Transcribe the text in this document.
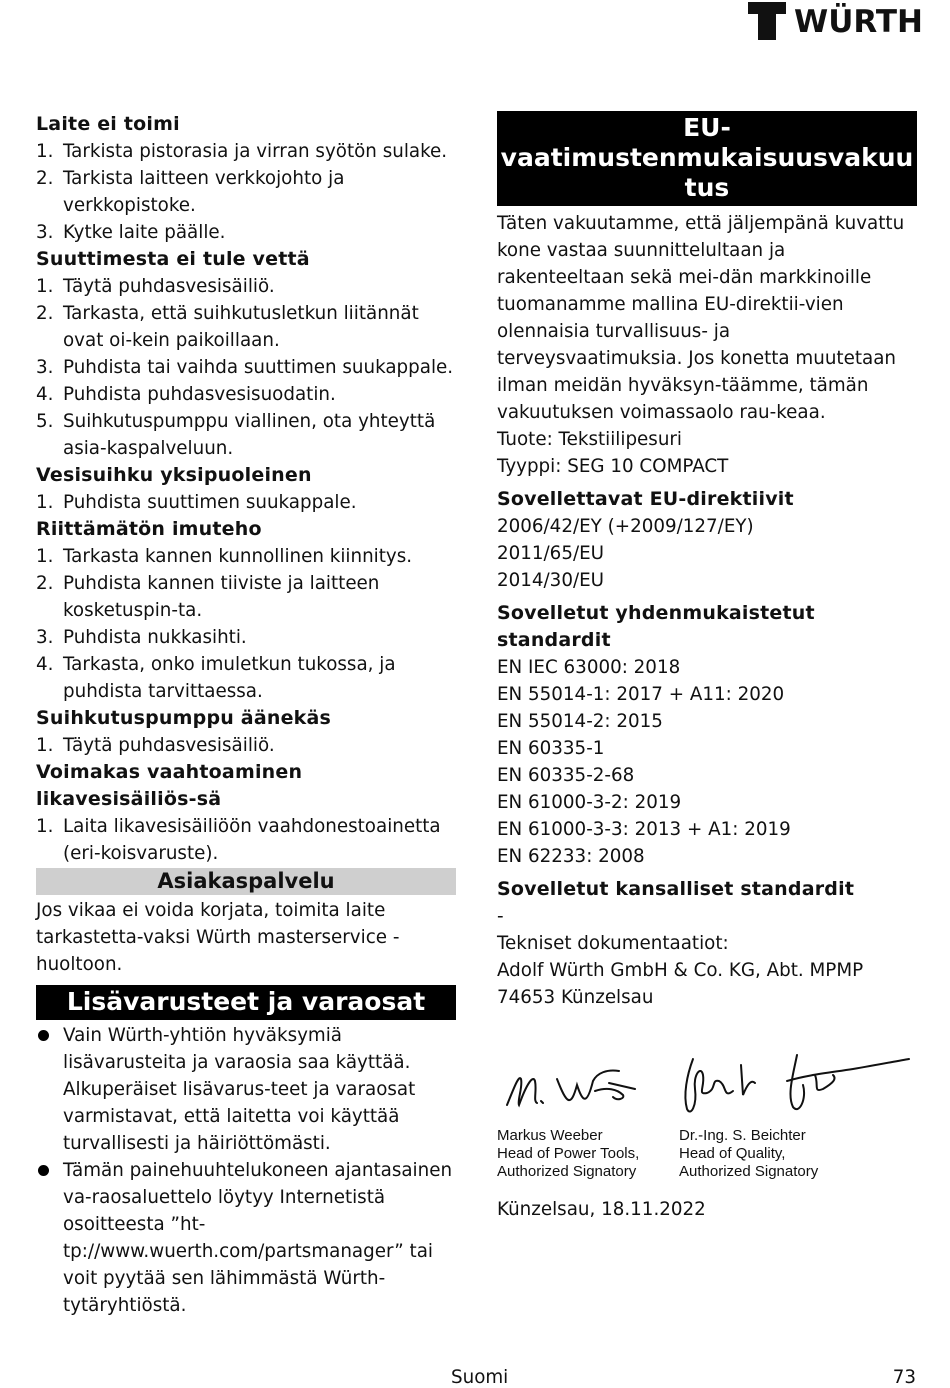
WÜRTH

Laite ei toimi

1. Tarkista pistorasia ja virran syötön sulake.
2. Tarkista laitteen verkkojohto ja verkkopistoke.
3. Kytke laite päälle.

Suuttimesta ei tule vettä

1. Täytä puhdasvesisäiliö.
2. Tarkasta, että suihkutusletkun liitännät ovat oi-kein paikoillaan.
3. Puhdista tai vaihda suuttimen suukappale.
4. Puhdista puhdasvesisuodatin.
5. Suihkutuspumppu viallinen, ota yhteyttä asia-kaspalveluun.

Vesisuihku yksipuoleinen

1. Puhdista suuttimen suukappale.

Riittämätön imuteho

1. Tarkasta kannen kunnollinen kiinnitys.
2. Puhdista kannen tiiviste ja laitteen kosketuspin-ta.
3. Puhdista nukkasihti.
4. Tarkasta, onko imuletkun tukossa, ja puhdista tarvittaessa.

Suihkutuspumppu äänekäs

1. Täytä puhdasvesisäiliö.

Voimakas vaahtoaminen likavesisäiliös-sä

1. Laita likavesisäiliöön vaahdonestoainetta (eri-koisvaruste).
Asiakaspalvelu

Jos vikaa ei voida korjata, toimita laite tarkastetta-vaksi Würth masterservice -huoltoon.

Lisävarusteet ja varaosat
Vain Würth-yhtiön hyväksymiä lisävarusteita ja varaosia saa käyttää. Alkuperäiset lisävarus-teet ja varaosat varmistavat, että laitetta voi käyttää turvallisesti ja häiriöttömästi.
Tämän painehuuhtelukoneen ajantasainen va-raosaluettelo löytyy Internetistä osoitteesta ”ht-tp://www.wuerth.com/partsmanager” tai voit pyytää sen lähimmästä Würth-tytäryhtiöstä.
EU-
vaatimustenmukaisuusvakuu
tus

Täten vakuutamme, että jäljempänä kuvattu kone vastaa suunnittelultaan ja rakenteeltaan sekä mei-dän markkinoille tuomanamme mallina EU-direktii-vien olennaisia turvallisuus- ja terveysvaatimuksia. Jos konetta muutetaan ilman meidän hyväksyn-täämme, tämän vakuutuksen voimassaolo rau-keaa.

Tuote: Tekstiilipesuri

Tyyppi: SEG 10 COMPACT

Sovellettavat EU-direktiivit

2006/42/EY (+2009/127/EY)

2011/65/EU

2014/30/EU

Sovelletut yhdenmukaistetut standardit

EN IEC 63000: 2018

EN 55014-1: 2017 + A11: 2020

EN 55014-2: 2015

EN 60335-1

EN 60335-2-68

EN 61000-3-2: 2019

EN 61000-3-3: 2013 + A1: 2019

EN 62233: 2008

Sovelletut kansalliset standardit

-

Tekniset dokumentaatiot:

Adolf Würth GmbH & Co. KG, Abt. MPMP

74653 Künzelsau

Markus Weeber
Head of Power Tools,
Authorized Signatory
Dr.-Ing. S. Beichter
Head of Quality,
Authorized Signatory

Künzelsau, 18.11.2022

Suomi	73
